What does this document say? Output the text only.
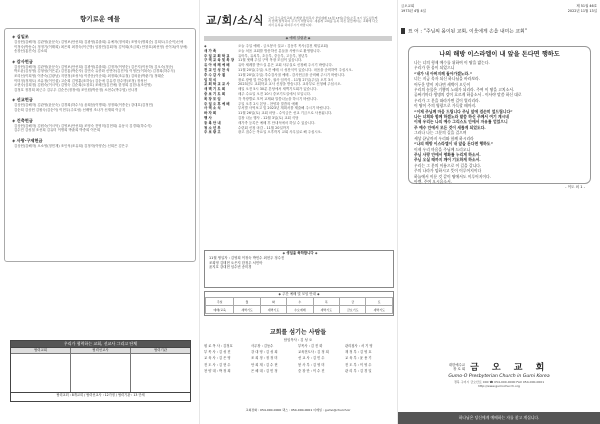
향기로운 예물
◈ 십일조
김상헌(김해자) 김관영(윤문숙) 김영보(안선희) 김광영(류춘희) 유예자(정석화) 조영숙(명희순) 김희도(우순이)신애
이정숙(박동수) 정정기(이태희) 최은희 최경숙(이근방) 임창민(김회자) 김덕희(조금희) 안창호(최선영) 신이옥(이상애)
송창선(홍진숙) 김소희
◈ 감사헌금
김상헌(김해자) 김관영(윤문숙) 김영보(안선희) 김광영(류춘희) 김정자(이양순) 김은지(이동하) 김오숙(정준)
박도윤(김성영) 김형성(이은분) 김진홍(박순자) 김연숙 유종화 신연아(김진이) 이영은(이복숙) 김경희(하수식)
조리선(이희영) 이종숙(김광남) 지현정(조성석) 이종운(이준희) 최정희(조유철) 김외윤(박춘기) 정래순
이미정(정재도) 조유정(이인섭) 고순희 김영훈(조하늘) 김순애 김유경 한수명(조정) 정성선
오현숙(심희정) 김원숙(이시덕) 김영숙 김순희(오창호) 조혜인(김진애) 한정희 김한나(조선영)
김정호 정경희 최근주 김무우 김순은(정정애) 조인원(박운정) 소현수(박주엽) 신나경
◈ 선교헌금
김상헌(김해자) 김관영(윤문숙) 김경희(하수식) 윤희삼(이병희) 정정희(이종순) 강대호(김정민)
김순희 김상헌 김원숙(김순이) 이현우(주호성) 선배영 조나가 신재희 이금지
◈ 건축헌금
김상헌(김해자) 김원숙(이시덕) 김영보(안선희) 조영숙 전영미(김현희) 유동국 김경희(하수식)
김수민 김성철 조선희 김유미 이명희 박춘희 박종희 이은희
◈ 사랑·구제헌금
김상헌(김해자) 오소영(정민재) 조인석(조유희) 김정자(이양순) 신희은 김은주
우리가 협력하는 교회, 선교사 그리고 단체
협력교회	협력선교사	협력기관
협력교회 : 8개교회 / 협력선교사 : 12가정 / 협력기관 : 13 단체
교/회/소/식 구미 금오중앙교회 조계향 담임목사 부임예배 11월 13일(주일)오후 3시 성도님들께서 함께 참석하여 주시기 바랍니다. 새롭게 교회를 등록 하신 분들께서는 교회에 나오셔서 등록을 하여주시기 바랍니다.
◈ 예배 알림판 ◈
◈	오늘 주일 예배 - 금오봉사 설교 : 김동후 목사(김천 제일교회)
새 가 족	오늘 처음 교회를 방문하신 분들을 사랑으로 환영합니다.
주 일 교 회 학 교	유아부, 유치부, 초등부, 중등부, 고등부, 청년부
구 역 교 육 및 목 장	11월 셋째 주일 구역 목장 모임이 있습니다.
유 아 세 례 예 배	유아 세례를 받으실 분은 교회 사무실로 신청해 주시기 바랍니다.
전 교 인 성 찬 식	11월 20일(주일) 오전 예배 시 성찬식이 있습니다. 마음을 준비하여 주십시오.
추 수 감 사 절	11월 20일(주일) 추수감사절 예배 - 감사헌금을 준비해 주시기 바랍니다.
임 직 식	장로 장립 및 안수집사, 권사 임직식 - 11월 27일(주일) 오후 3시
교 회 학 교 교 사	2023년도 교회학교 교사 신청을 받습니다. 교육부로 신청해 주십시오.
새 벽 기 도 회	매일 오전 5시 30분 본당에서 새벽기도회가 있습니다.
중 보 기 도 회	매주 수요일 오전 10시 중보기도실에서 모입니다.
목 장 모 임	각 목장별로 모여 교제와 말씀나눔을 하시기 바랍니다.
주 일 오 후 예 배	주일 오후 2시 본당 - 찬양과 말씀의 예배
사 역 소 식	부서별 사역보고 및 2023년 계획서를 제출해 주시기 바랍니다.
바 자 회	11월 26일(토) 교회 마당 - 수익금은 선교 기금으로 사용됩니다.
행 사	김장 나눔 행사 - 12월 3일(토) 교회 식당
등 록 안 내	새가족 등록은 예배 후 안내석에서 하실 수 있습니다.
청 소 년 부	수련회 신청 마감 - 11월 20일까지
주 보 광 고	광고 접수는 목요일 오후까지 교회 사무실로 해 주십시오.
◈ 생일을 축하합니다 ◈
11월 생일자 : 김영희 이정숙 박민수 최현주 정수진
조희영 김태현 오은지 한정우 서민아
윤지호 강대현 임수빈 송미경
◈ 주간 예배 및 모임 안내 ◈
주일	월	화	수	목	금	토
예배/교육	새벽기도	새벽기도	수요예배	새벽기도	금요기도	새벽기도
교회를 섬기는 사람들
담임목사 : 김 성 오
원 로 목 사 : 김정호	사무장 : 김동수	부목사 : 김 진 화	관리집사 : 서 기 영
부 목 사 : 김 성 진	강 대 영 : 김 성 희	교육전도사 : 김 정 희	재 정 부 : 김 영 호
교 육 사 : 김 은 영	조 희 정 : 정 정 미	선 교 사 : 김 민 수	교 육 부 : 윤 용 기
전 도 사 : 김 현 수	안 희 재 : 김 수 현	봉 사 부 : 김 영 미	전 도 부 : 이 영 수
찬 양 대 : 박 정 희	은 혜 대 : 김 민 정	중 창 단 : 이 수 진	관 리 부 : 김 경 일
교회전화 : 054-000-0000 팩스 : 054-000-0001 이메일 : gumo@church.kr
금오교회
1973년 4월 4일
제 51권 46호
2022년 11월 13일
표 어 : “주님의 몸이된 교회, 이웃에게 손을 내미는 교회”
나의 해방 이스라엘이 내 앞을 돈다면 행하도
나는 너의 형제 예수를 위하여 이 땅을 밟는다.
우리가 한 몸이 되었으니
“내가 내 아버지께 돌아가겠노라.”
너는 지금 목자 되신 하나님을 바라보라.
어두운 밤이 지나면 새벽이 오듯이
우리의 눈물은 기쁨의 노래가 되리라. 주여 이 땅을 고치소서.
골짜기마다 생명의 강이 흐르게 하옵소서 - 이사야 말씀 하신 대로
우리가 그 분을 따라가면 길이 열리리라.
이 땅이 주의 영광으로 가득할 때까지.
“이제 주님께 마음 드립니다 주님 앞에 겸손히 엎드립니다”
나는 너희와 함께 하겠노라 말씀 하신 주께서 여기 계시네
이제 우리는 나의 예수 그리스도 안에서 자유를 얻었으니
주 예수 안에서 모든 것이 새롭게 되었도다.
그러나 나는 그분의 길을 걸으며
세상 끝날까지 우리와 함께 하시리라
“나의 해방 이스라엘이 내 앞을 돈다면 행하도”
이제 우리 마음을 주님께 드리오니
주님 사랑 안에서 평화를 누리게 하소서.
주님 오실 때까지 깨어 기도하게 하소서.
우리는 그 분의 이름으로 이 길을 갑니다.
주의 나라가 임하시고 뜻이 이루어지이다
하늘에서 이룬 것 같이 땅에서도 이루어지이다.
아멘. 주여 오시옵소서.
- 이도 외 1 -
대한예수교
장 로 회 금 오 교 회
Gumo-O Presbyterian Church in Gumi Korea
경북 구미시 금오산로 000 ☎ 054-000-0000 FAX 054-000-0001
http://www.gumochurch.org
하나님은 당신에게 예배하는 자를 찾고 계십니다.
